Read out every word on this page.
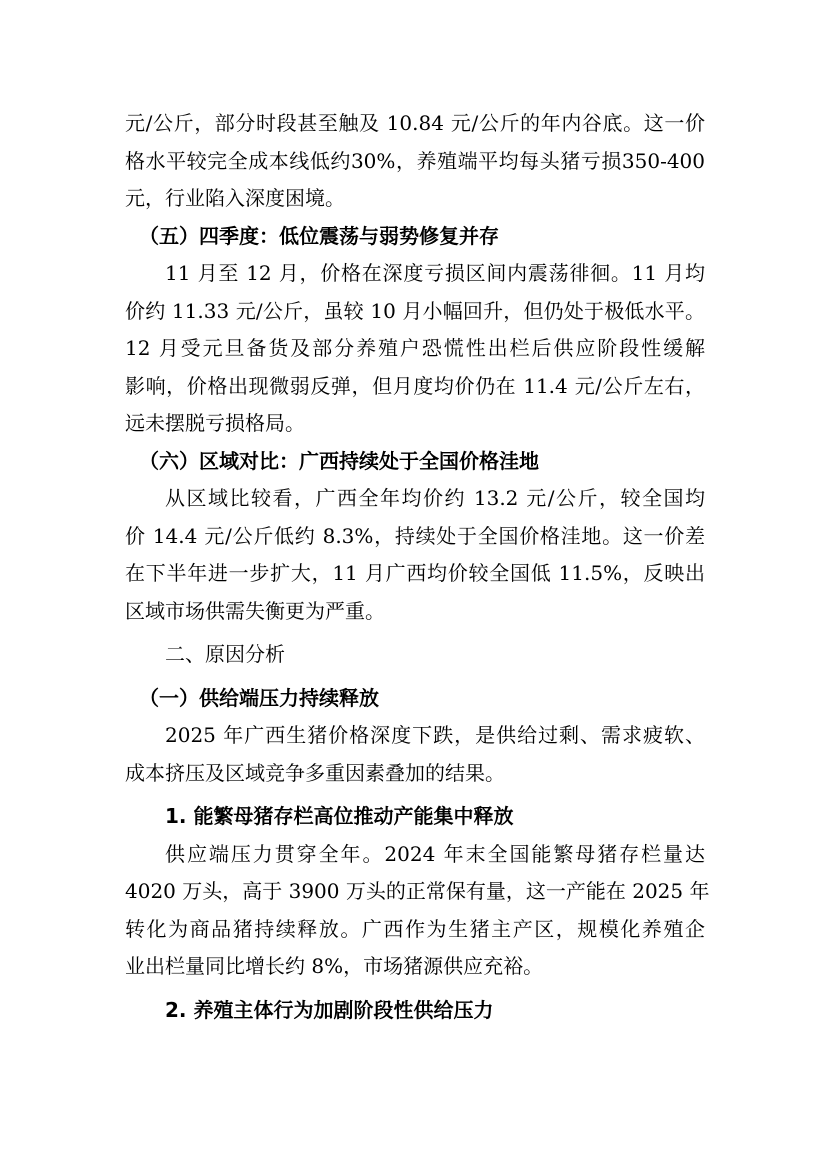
元/公斤，部分时段甚至触及 10.84 元/公斤的年内谷底。这一价
格水平较完全成本线低约30%，养殖端平均每头猪亏损350-400
元，行业陷入深度困境。
（五）四季度：低位震荡与弱势修复并存
11 月至 12 月，价格在深度亏损区间内震荡徘徊。11 月均
价约 11.33 元/公斤，虽较 10 月小幅回升，但仍处于极低水平。
12 月受元旦备货及部分养殖户恐慌性出栏后供应阶段性缓解
影响，价格出现微弱反弹，但月度均价仍在 11.4 元/公斤左右，
远未摆脱亏损格局。
（六）区域对比：广西持续处于全国价格洼地
从区域比较看，广西全年均价约 13.2 元/公斤，较全国均
价 14.4 元/公斤低约 8.3%，持续处于全国价格洼地。这一价差
在下半年进一步扩大，11 月广西均价较全国低 11.5%，反映出
区域市场供需失衡更为严重。
二、原因分析
（一）供给端压力持续释放
2025 年广西生猪价格深度下跌，是供给过剩、需求疲软、
成本挤压及区域竞争多重因素叠加的结果。
1. 能繁母猪存栏高位推动产能集中释放
供应端压力贯穿全年。2024 年末全国能繁母猪存栏量达
4020 万头，高于 3900 万头的正常保有量，这一产能在 2025 年
转化为商品猪持续释放。广西作为生猪主产区，规模化养殖企
业出栏量同比增长约 8%，市场猪源供应充裕。
2. 养殖主体行为加剧阶段性供给压力
